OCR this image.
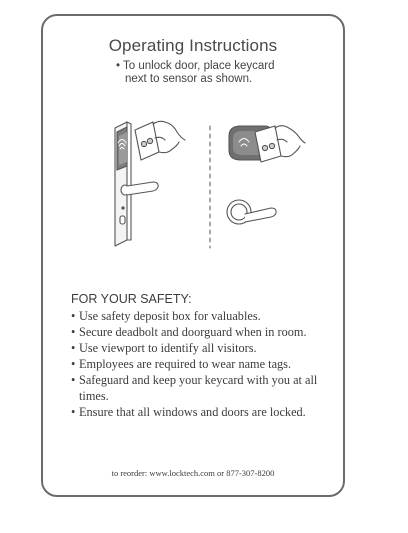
Operating Instructions
• To unlock door, place keycard
next to sensor as shown.
FOR YOUR SAFETY:
• Use safety deposit box for valuables.
• Secure deadbolt and doorguard when in room.
• Use viewport to identify all visitors.
• Employees are required to wear name tags.
• Safeguard and keep your keycard with you at all times.
• Ensure that all windows and doors are locked.
to reorder: www.locktech.com or 877-307-8200
